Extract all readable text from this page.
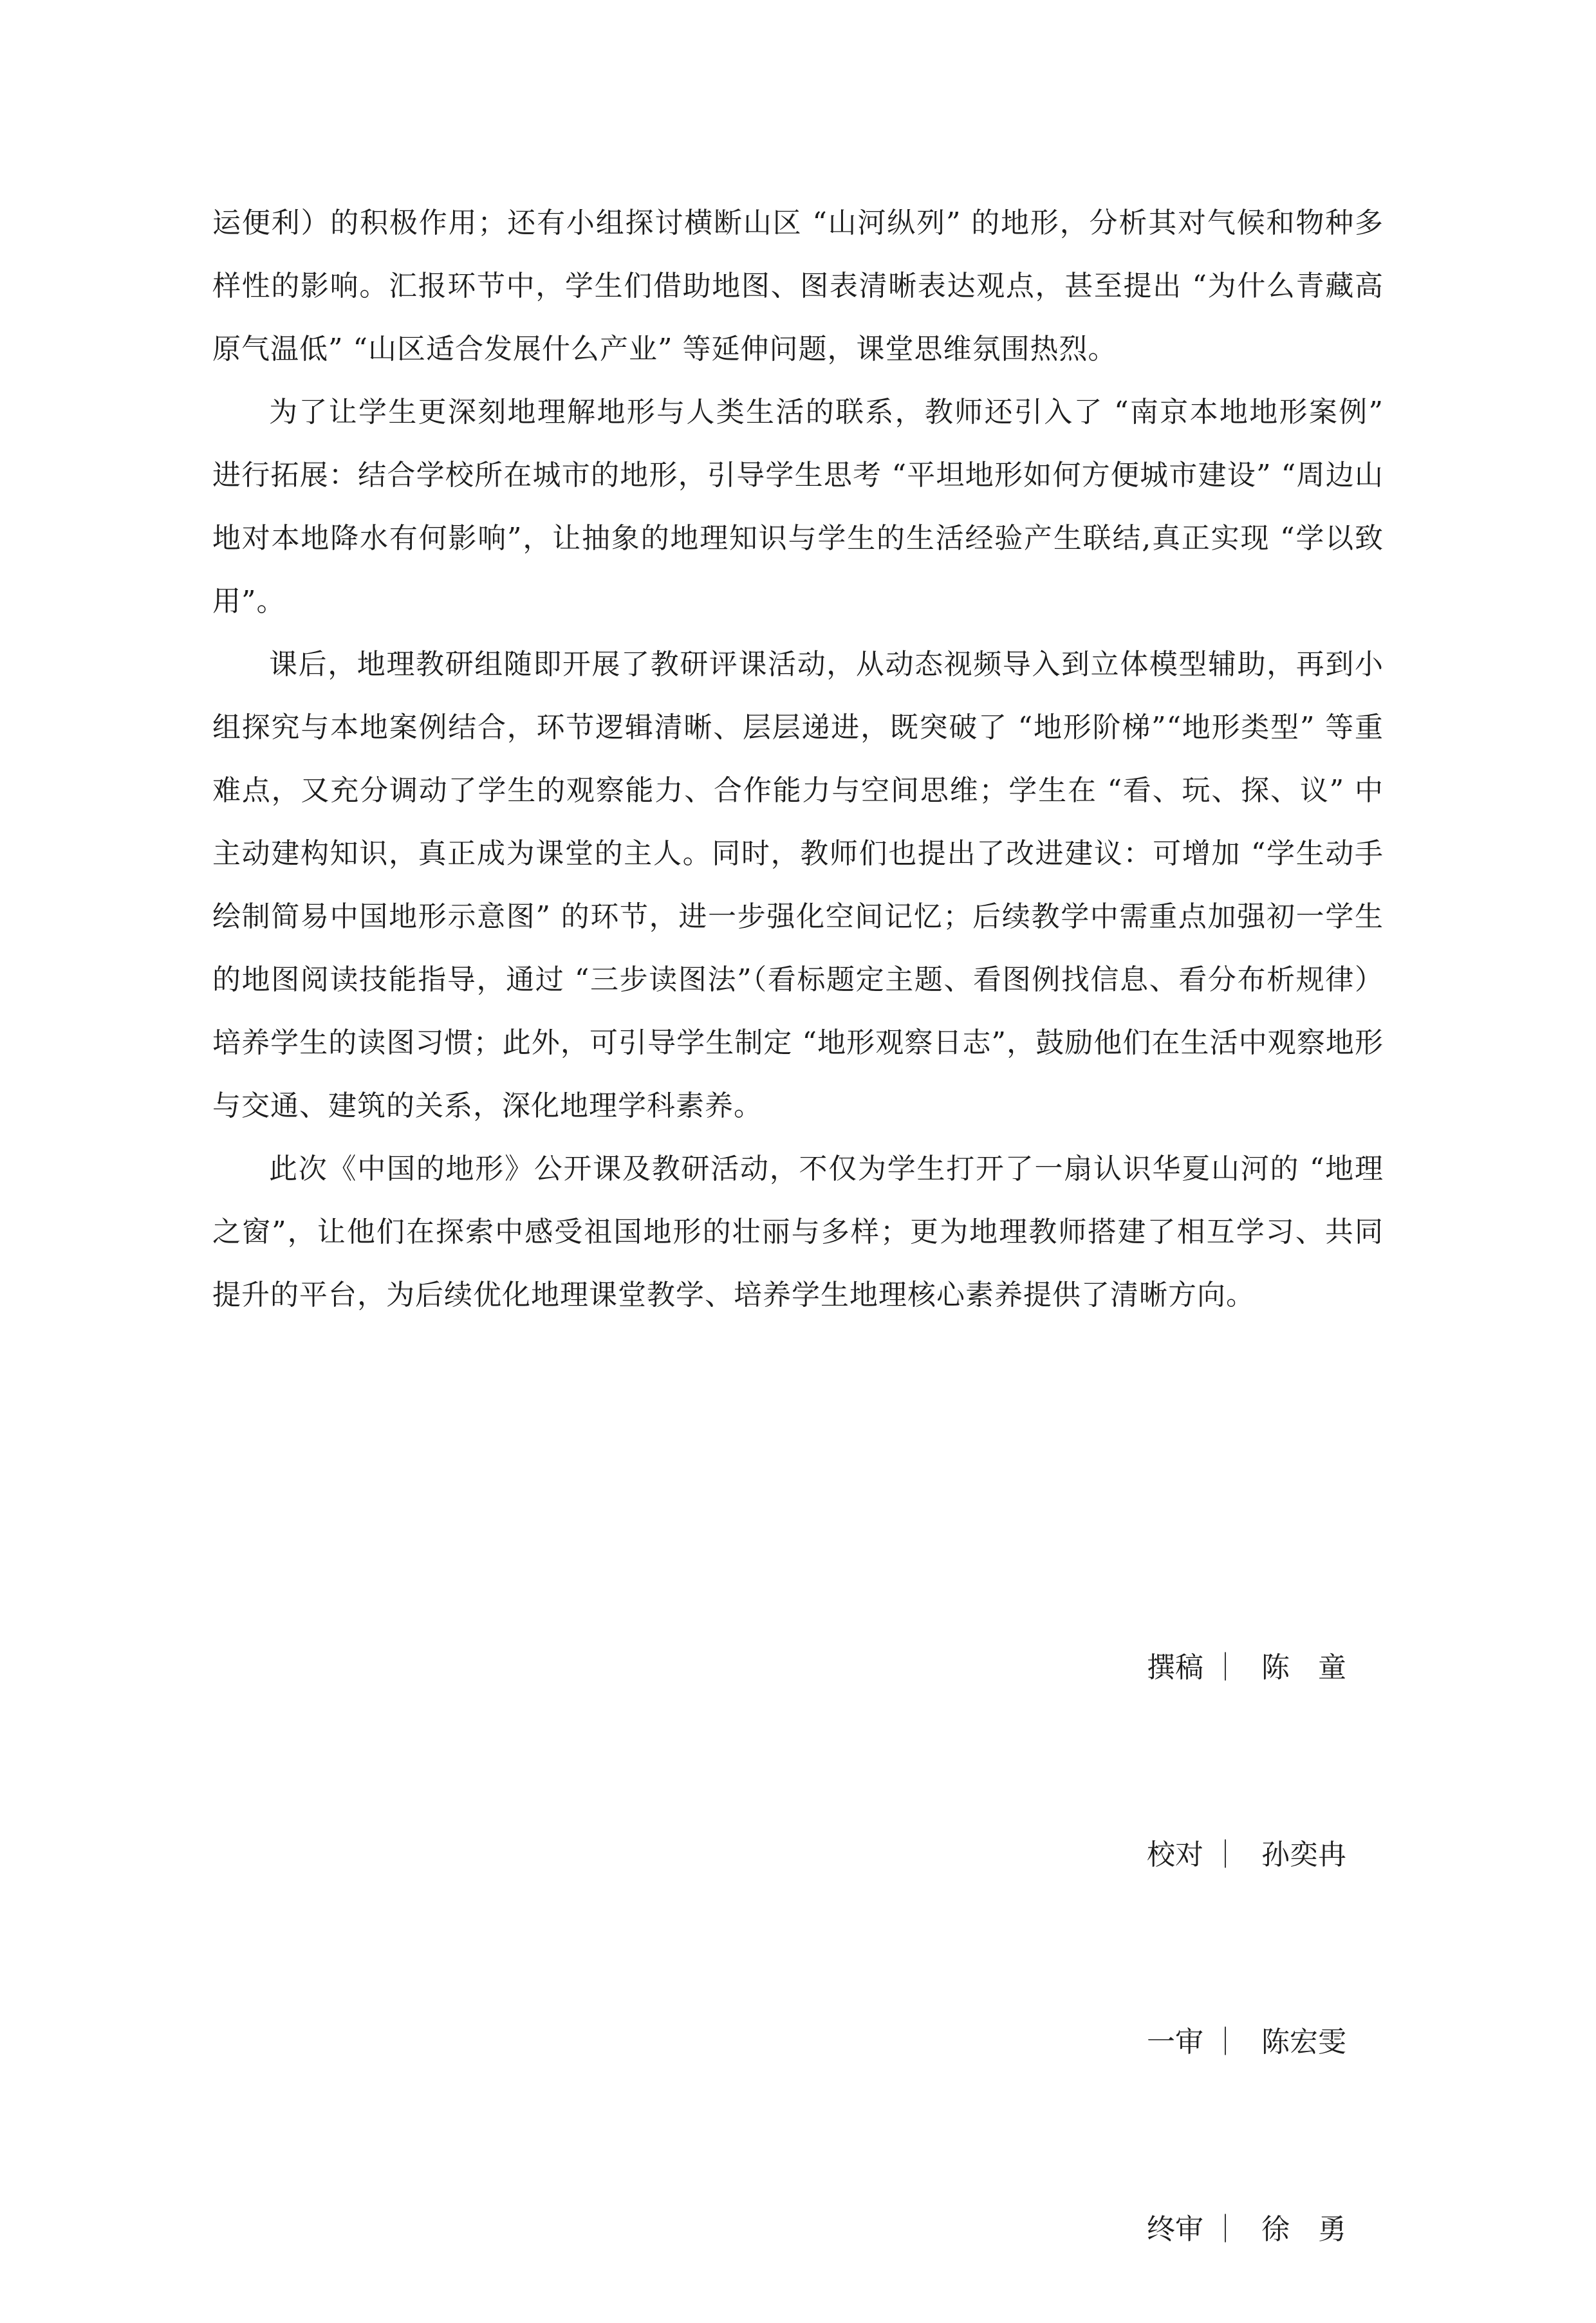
运便利）的积极作用；还有小组探讨横断山区 “山河纵列” 的地形，分析其对气候和物种多样性的影响。汇报环节中，学生们借助地图、图表清晰表达观点，甚至提出 “为什么青藏高原气温低” “山区适合发展什么产业” 等延伸问题，课堂思维氛围热烈。

为了让学生更深刻地理解地形与人类生活的联系，教师还引入了 “南京本地地形案例” 进行拓展：结合学校所在城市的地形，引导学生思考 “平坦地形如何方便城市建设” “周边山地对本地降水有何影响”，让抽象的地理知识与学生的生活经验产生联结,真正实现 “学以致用”。

课后，地理教研组随即开展了教研评课活动，从动态视频导入到立体模型辅助，再到小组探究与本地案例结合，环节逻辑清晰、层层递进，既突破了 “地形阶梯”“地形类型” 等重难点，又充分调动了学生的观察能力、合作能力与空间思维；学生在 “看、玩、探、议” 中主动建构知识，真正成为课堂的主人。同时，教师们也提出了改进建议：可增加 “学生动手绘制简易中国地形示意图” 的环节，进一步强化空间记忆；后续教学中需重点加强初一学生的地图阅读技能指导，通过 “三步读图法”（看标题定主题、看图例找信息、看分布析规律）培养学生的读图习惯；此外，可引导学生制定 “地形观察日志”，鼓励他们在生活中观察地形与交通、建筑的关系，深化地理学科素养。

此次《中国的地形》公开课及教研活动，不仅为学生打开了一扇认识华夏山河的 “地理之窗”，让他们在探索中感受祖国地形的壮丽与多样；更为地理教师搭建了相互学习、共同提升的平台，为后续优化地理课堂教学、培养学生地理核心素养提供了清晰方向。

撰稿 ｜ 陈　童

校对 ｜ 孙奕冉

一审 ｜ 陈宏雯

终审 ｜ 徐　勇
